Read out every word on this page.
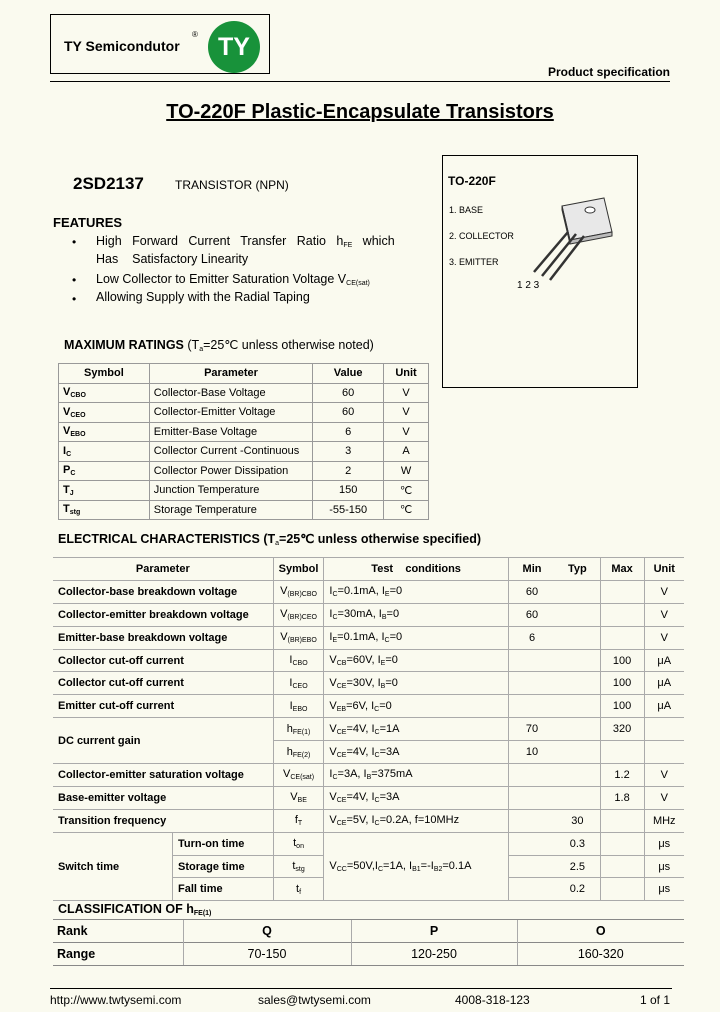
TY Semicondutor
® TY
Product specification
TO-220F Plastic-Encapsulate Transistors
2SD2137	TRANSISTOR (NPN)	TO-220F
1. BASE
2. COLLECTOR
3. EMITTER
1 2 3
FEATURES
• High   Forward   Current   Transfer   Ratio   $h_{FE}$   which
Has    Satisfactory Linearity
• Low Collector to Emitter Saturation Voltage $V_{CE(sat)}$
• Allowing Supply with the Radial Taping
MAXIMUM RATINGS ($T_a=25℃$ unless otherwise noted)
Symbol	Parameter	Value	Unit
$V_{CBO}$	Collector-Base Voltage	60	V
$V_{CEO}$	Collector-Emitter Voltage	60	V
$V_{EBO}$	Emitter-Base Voltage	6	V
$I_C$	Collector Current -Continuous	3	A
$P_C$	Collector Power Dissipation	2	W
$T_J$	Junction Temperature	150	℃
$T_{stg}$	Storage Temperature	-55-150	℃
ELECTRICAL CHARACTERISTICS ($T_a=25℃$ unless otherwise specified)
Parameter		Symbol	Test    conditions	Min	Typ	Max	Unit
Collector-base breakdown voltage		$V_{(BR)CBO}$	$I_C=0.1mA$, $I_E=0$	60			V
Collector-emitter breakdown voltage		$V_{(BR)CEO}$	$I_C=30mA$, $I_B=0$	60			V
Emitter-base breakdown voltage		$V_{(BR)EBO}$	$I_E=0.1mA$, $I_C=0$	6			V
Collector cut-off current		$I_{CBO}$	$V_{CB}=60V$, $I_E=0$			100	μA
Collector cut-off current		$I_{CEO}$	$V_{CE}=30V$, $I_B=0$			100	μA
Emitter cut-off current		$I_{EBO}$	$V_{EB}=6V$, $I_C=0$			100	μA
DC current gain		$h_{FE(1)}$	$V_{CE}=4V$, $I_C=1A$	70		320	
		$h_{FE(2)}$	$V_{CE}=4V$, $I_C=3A$	10			
Collector-emitter saturation voltage		$V_{CE(sat)}$	$I_C=3A$, $I_B=375mA$			1.2	V
Base-emitter voltage		$V_{BE}$	$V_{CE}=4V$, $I_C=3A$			1.8	V
Transition frequency		$f_T$	$V_{CE}=5V$, $I_C=0.2A$, f=10MHz		30		MHz
Switch time	Turn-on time	$t_{on}$	$V_{CC}=50V,I_C=1A$, $I_{B1}=-I_{B2}=0.1A$		0.3		μs
	Storage time	$t_{stg}$			2.5		μs
	Fall time	$t_f$			0.2		μs
CLASSIFICATION OF $h_{FE(1)}$
Rank	Q	P	O
Range	70-150	120-250	160-320
http://www.twtysemi.com	sales@twtysemi.com	4008-318-123	1 of 1
